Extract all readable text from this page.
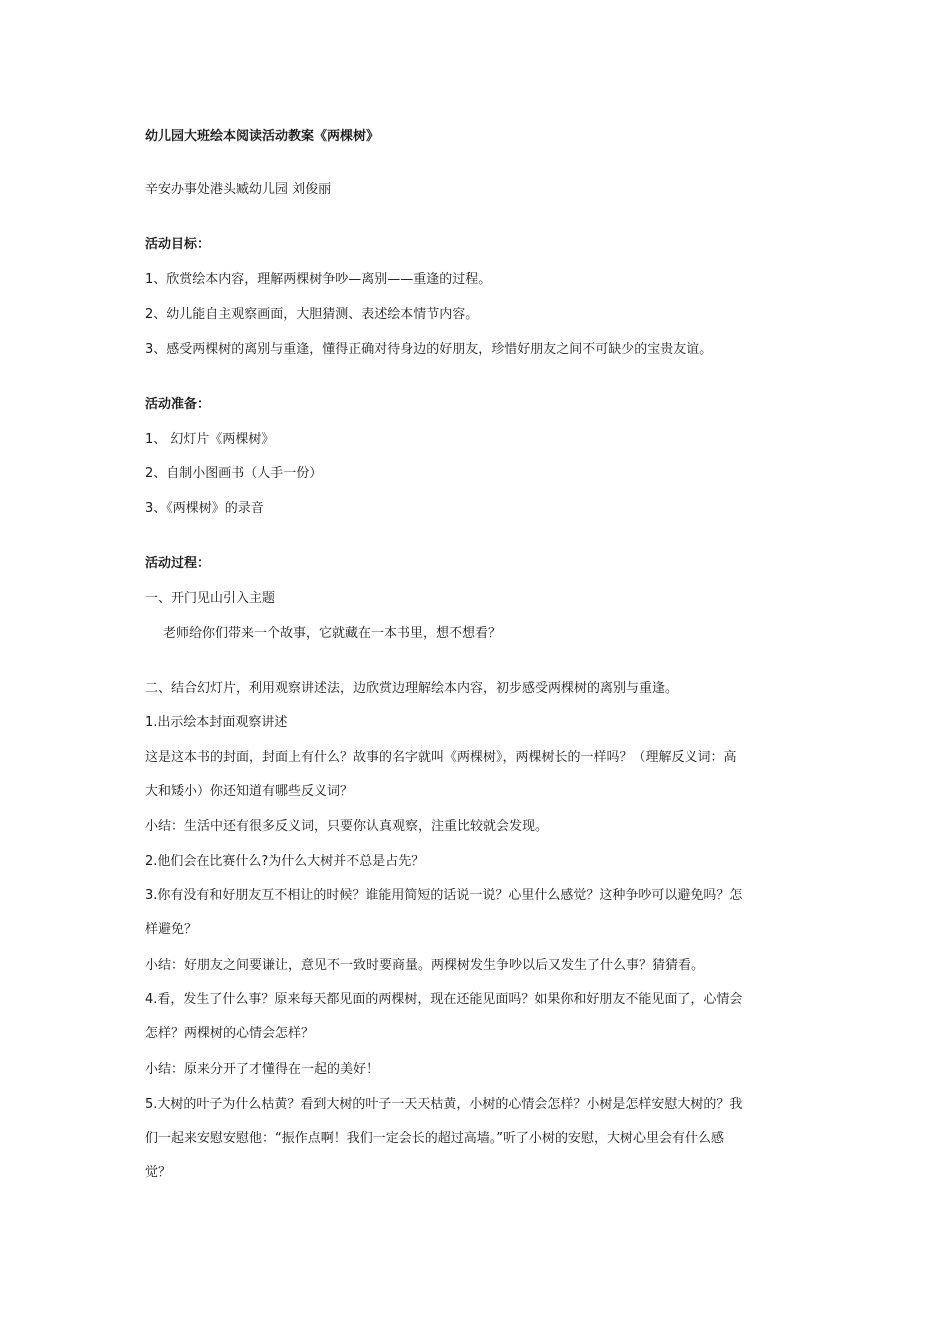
幼儿园大班绘本阅读活动教案《两棵树》
辛安办事处港头臧幼儿园 刘俊丽
活动目标：
1、欣赏绘本内容，理解两棵树争吵—离别——重逢的过程。
2、幼儿能自主观察画面，大胆猜测、表述绘本情节内容。
3、感受两棵树的离别与重逢，懂得正确对待身边的好朋友，珍惜好朋友之间不可缺少的宝贵友谊。
活动准备：
1、 幻灯片《两棵树》
2、自制小图画书（人手一份）
3、《两棵树》的录音
活动过程：
一、开门见山引入主题
老师给你们带来一个故事，它就藏在一本书里，想不想看？
二、结合幻灯片，利用观察讲述法，边欣赏边理解绘本内容，初步感受两棵树的离别与重逢。
1.出示绘本封面观察讲述
这是这本书的封面，封面上有什么？故事的名字就叫《两棵树》，两棵树长的一样吗？（理解反义词：高
大和矮小）你还知道有哪些反义词？
小结：生活中还有很多反义词，只要你认真观察，注重比较就会发现。
2.他们会在比赛什么?为什么大树并不总是占先？
3.你有没有和好朋友互不相让的时候？谁能用简短的话说一说？心里什么感觉？这种争吵可以避免吗？怎
样避免？
小结：好朋友之间要谦让，意见不一致时要商量。两棵树发生争吵以后又发生了什么事？猜猜看。
4.看，发生了什么事？原来每天都见面的两棵树，现在还能见面吗？如果你和好朋友不能见面了，心情会
怎样？两棵树的心情会怎样？
小结：原来分开了才懂得在一起的美好！
5.大树的叶子为什么枯黄？看到大树的叶子一天天枯黄，小树的心情会怎样？小树是怎样安慰大树的？我
们一起来安慰安慰他：“振作点啊！我们一定会长的超过高墙。”听了小树的安慰，大树心里会有什么感
觉？
